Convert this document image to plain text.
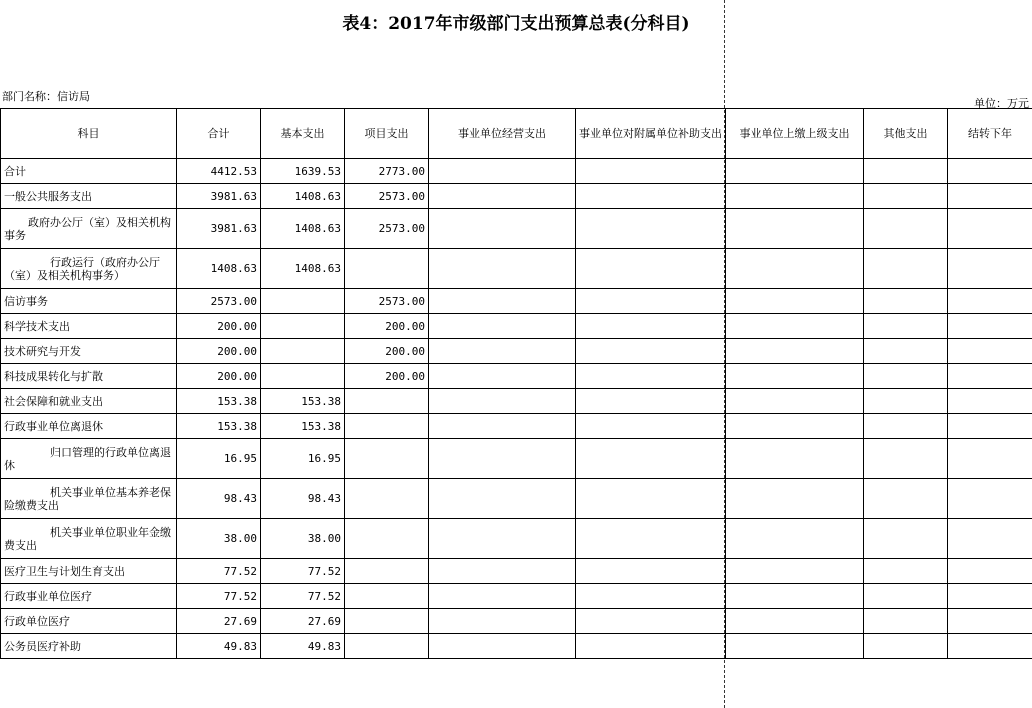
表4：2017年市级部门支出预算总表(分科目)
部门名称：信访局
单位：万元
科目	合计	基本支出	项目支出	事业单位经营支出	事业单位对附属单位补助支出	事业单位上缴上级支出	其他支出	结转下年
合计	4412.53	1639.53	2773.00					
一般公共服务支出	3981.63	1408.63	2573.00					
政府办公厅（室）及相关机构事务	3981.63	1408.63	2573.00					
行政运行（政府办公厅（室）及相关机构事务）	1408.63	1408.63						
信访事务	2573.00		2573.00					
科学技术支出	200.00		200.00					
技术研究与开发	200.00		200.00					
科技成果转化与扩散	200.00		200.00					
社会保障和就业支出	153.38	153.38						
行政事业单位离退休	153.38	153.38						
归口管理的行政单位离退休	16.95	16.95						
机关事业单位基本养老保险缴费支出	98.43	98.43						
机关事业单位职业年金缴费支出	38.00	38.00						
医疗卫生与计划生育支出	77.52	77.52						
行政事业单位医疗	77.52	77.52						
行政单位医疗	27.69	27.69						
公务员医疗补助	49.83	49.83						
